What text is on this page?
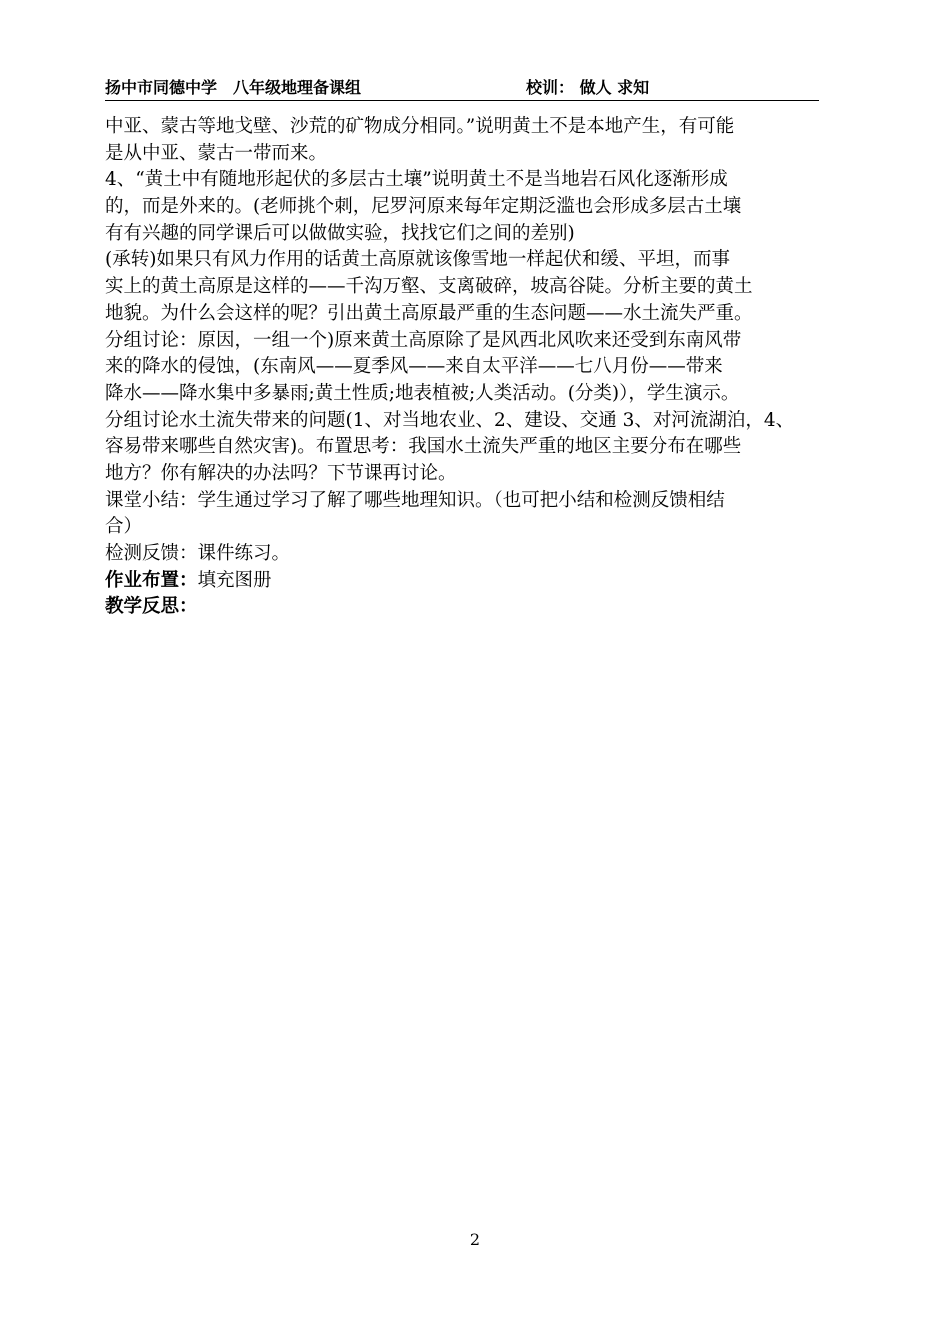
扬中市同德中学　八年级地理备课组	校训： 做人 求知
中亚、蒙古等地戈壁、沙荒的矿物成分相同。”说明黄土不是本地产生，有可能
是从中亚、蒙古一带而来。
4、“黄土中有随地形起伏的多层古土壤”说明黄土不是当地岩石风化逐渐形成
的，而是外来的。(老师挑个刺，尼罗河原来每年定期泛滥也会形成多层古土壤
有有兴趣的同学课后可以做做实验，找找它们之间的差别)
(承转)如果只有风力作用的话黄土高原就该像雪地一样起伏和缓、平坦，而事
实上的黄土高原是这样的——千沟万壑、支离破碎，坡高谷陡。分析主要的黄土
地貌。为什么会这样的呢？引出黄土高原最严重的生态问题——水土流失严重。
分组讨论：原因，一组一个)原来黄土高原除了是风西北风吹来还受到东南风带
来的降水的侵蚀，(东南风——夏季风——来自太平洋——七八月份——带来
降水——降水集中多暴雨;黄土性质;地表植被;人类活动。(分类)），学生演示。
分组讨论水土流失带来的问题(1、对当地农业、2、建设、交通 3、对河流湖泊，4、
容易带来哪些自然灾害)。布置思考：我国水土流失严重的地区主要分布在哪些
地方？你有解决的办法吗？下节课再讨论。
课堂小结：学生通过学习了解了哪些地理知识。（也可把小结和检测反馈相结
合）
检测反馈：课件练习。
作业布置：填充图册
教学反思：
2
